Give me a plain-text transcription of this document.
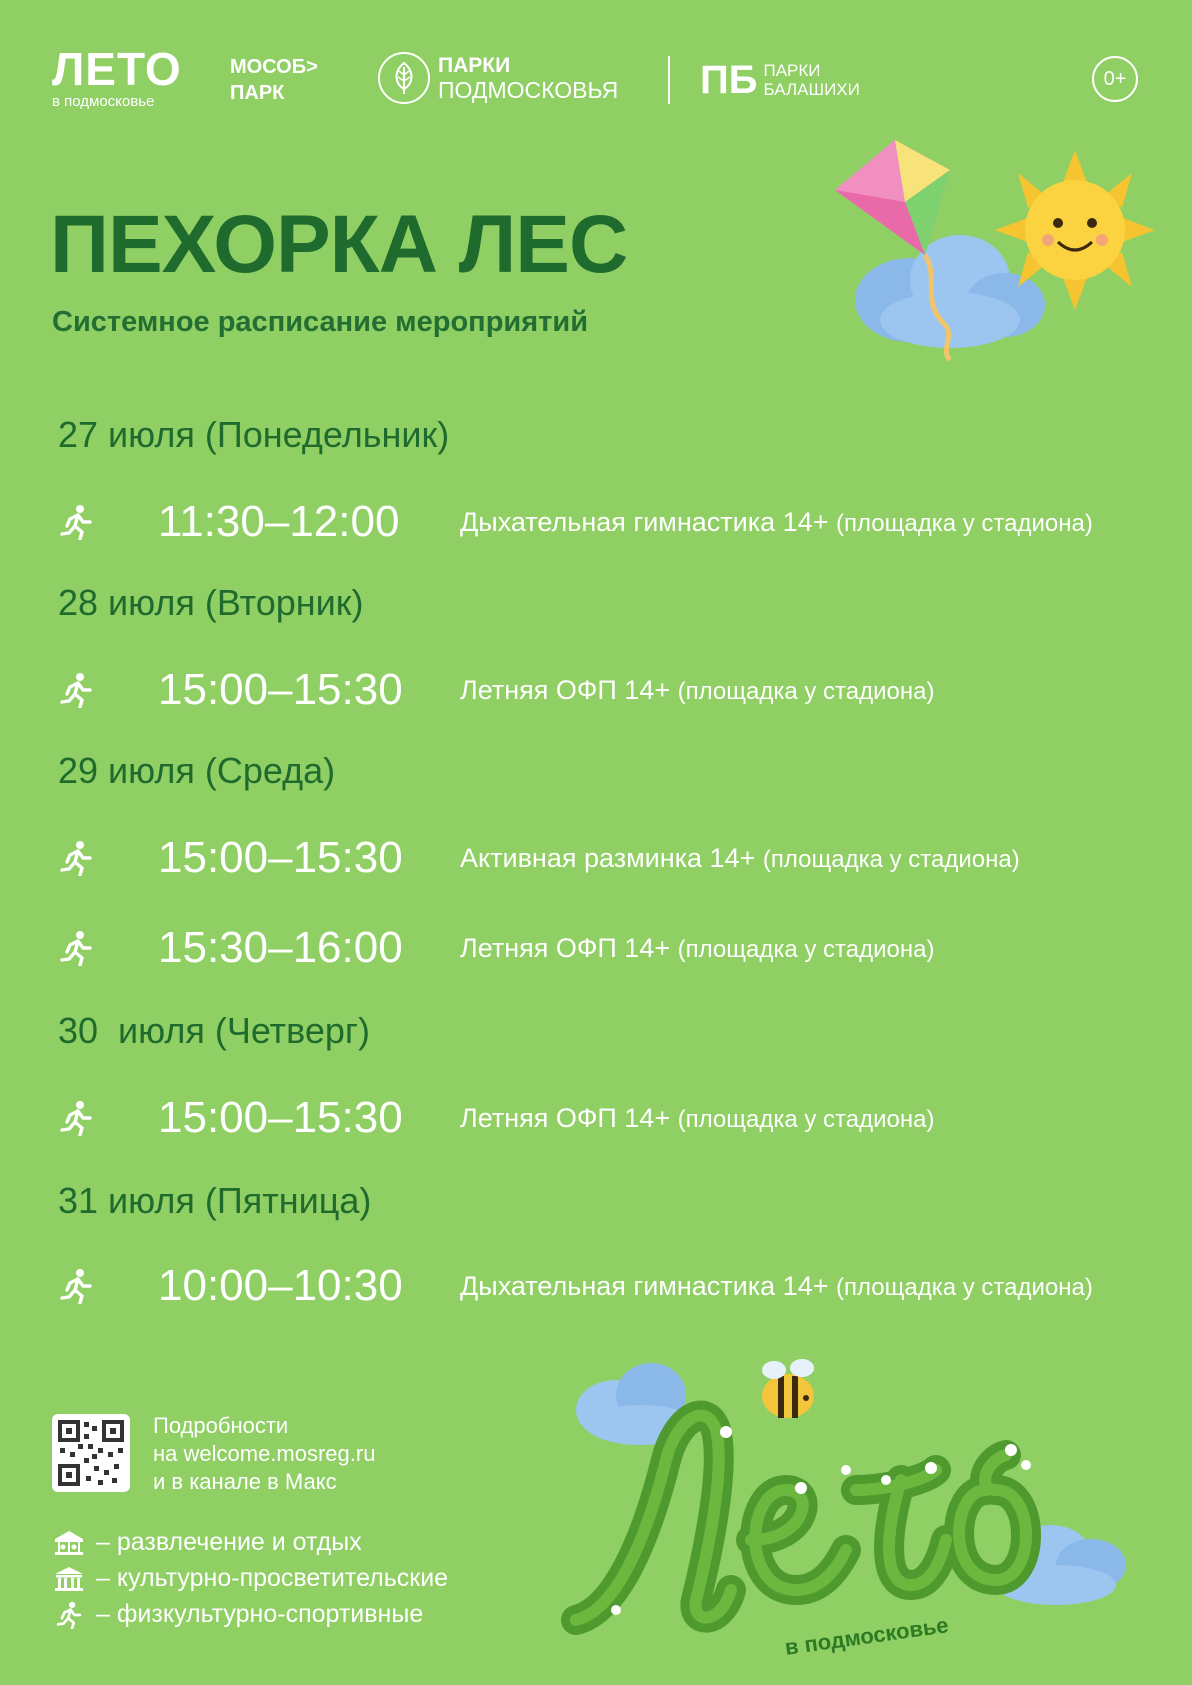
ЛЕТО
в подмосковье
МОСОБ>
ПАРК
ПАРКИ
ПОДМОСКОВЬЯ ПБ ПАРКИ
БАЛАШИХИ	0+
ПЕХОРКА ЛЕС
Системное расписание мероприятий
27 июля (Понедельник)
11:30–12:00 Дыхательная гимнастика 14+ (площадка у стадиона)
28 июля (Вторник)
15:00–15:30 Летняя ОФП 14+ (площадка у стадиона)
29 июля (Среда)
15:00–15:30 Активная разминка 14+ (площадка у стадиона)
15:30–16:00 Летняя ОФП 14+ (площадка у стадиона)
30  июля (Четверг)
15:00–15:30 Летняя ОФП 14+ (площадка у стадиона)
31 июля (Пятница)
10:00–10:30 Дыхательная гимнастика 14+ (площадка у стадиона)
Подробности
на welcome.mosreg.ru
и в канале в Макс
– развлечение и отдых
– культурно-просветительские
– физкультурно-спортивные	в подмосковье
